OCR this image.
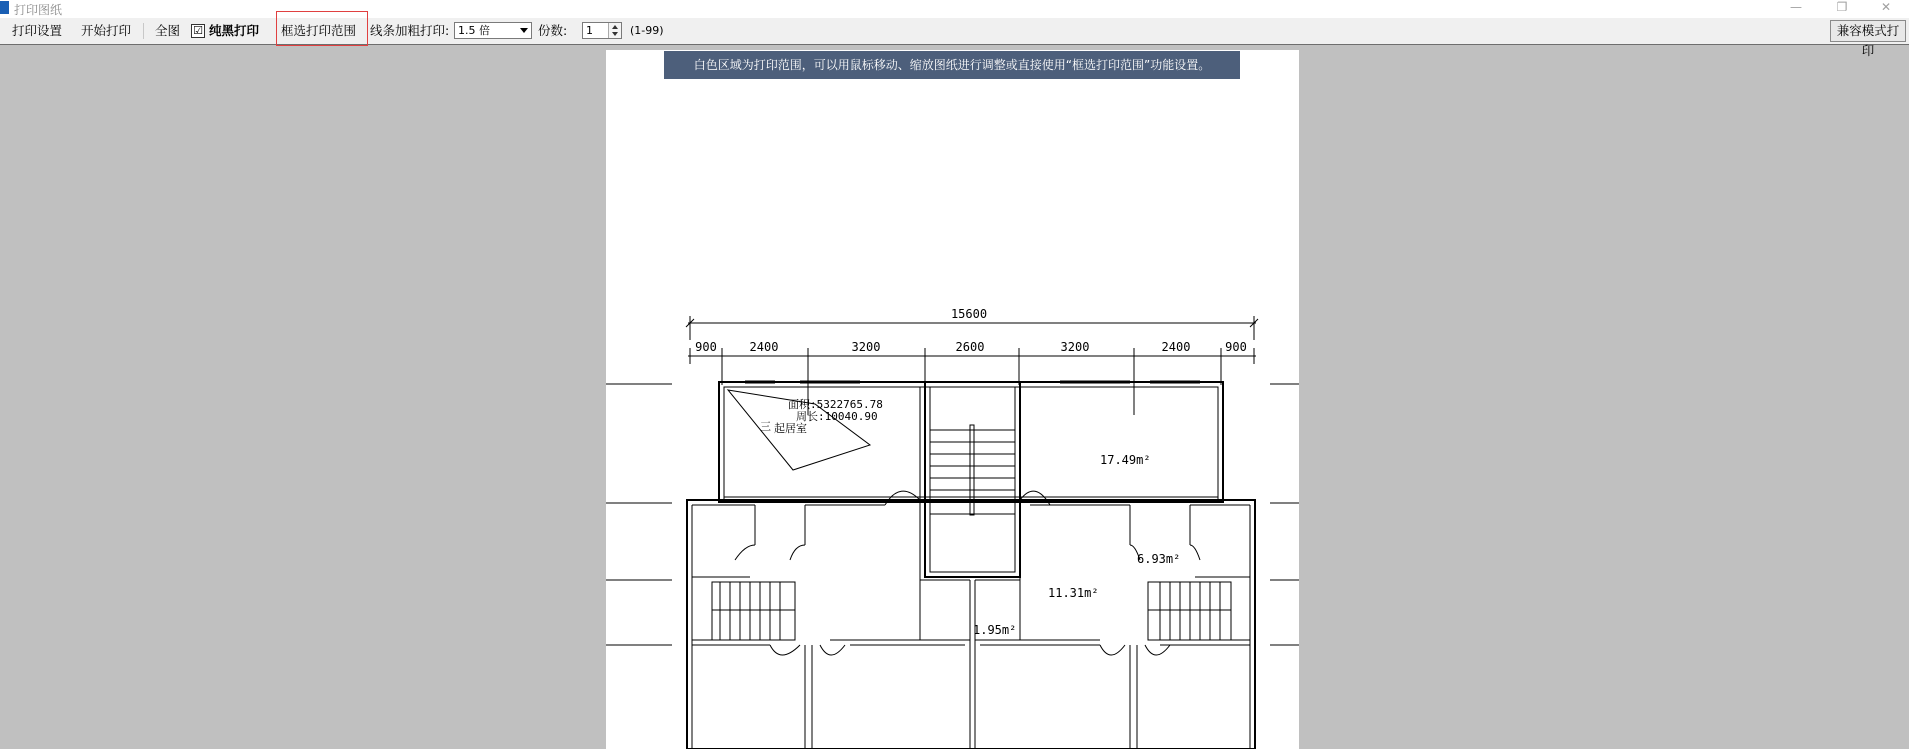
打印图纸	—	❐	✕
打印设置 开始打印 全图 ☑ 纯黑打印 框选打印范围 线条加粗打印:	份数:	(1-99)
1.5 倍	1	兼容模式打印
白色区域为打印范围，可以用鼠标移动、缩放图纸进行调整或直接使用“框选打印范围”功能设置。
15600
900	2400	3200	2600	3200	2400	900
面积:5322765.78
周长:10040.90
三 起居室
17.49m²
6.93m²
11.31m²
1.95m²
